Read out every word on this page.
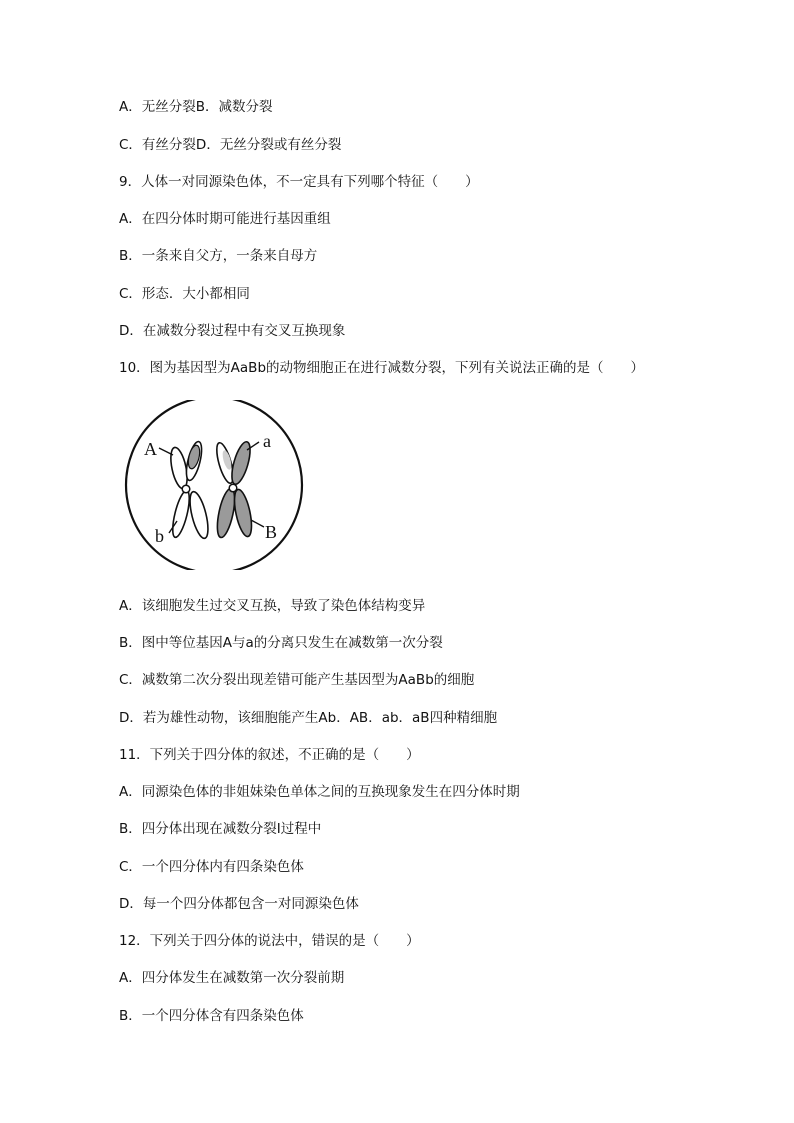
A．无丝分裂B．减数分裂
C．有丝分裂D．无丝分裂或有丝分裂
9．人体一对同源染色体，不一定具有下列哪个特征（　　）
A．在四分体时期可能进行基因重组
B．一条来自父方，一条来自母方
C．形态．大小都相同
D．在减数分裂过程中有交叉互换现象
10．图为基因型为AaBb的动物细胞正在进行减数分裂，下列有关说法正确的是（　　）
A	a
b	B
A．该细胞发生过交叉互换，导致了染色体结构变异
B．图中等位基因A与a的分离只发生在减数第一次分裂
C．减数第二次分裂出现差错可能产生基因型为AaBb的细胞
D．若为雄性动物，该细胞能产生Ab．AB．ab．aB四种精细胞
11．下列关于四分体的叙述，不正确的是（　　）
A．同源染色体的非姐妹染色单体之间的互换现象发生在四分体时期
B．四分体出现在减数分裂Ⅰ过程中
C．一个四分体内有四条染色体
D．每一个四分体都包含一对同源染色体
12．下列关于四分体的说法中，错误的是（　　）
A．四分体发生在减数第一次分裂前期
B．一个四分体含有四条染色体
